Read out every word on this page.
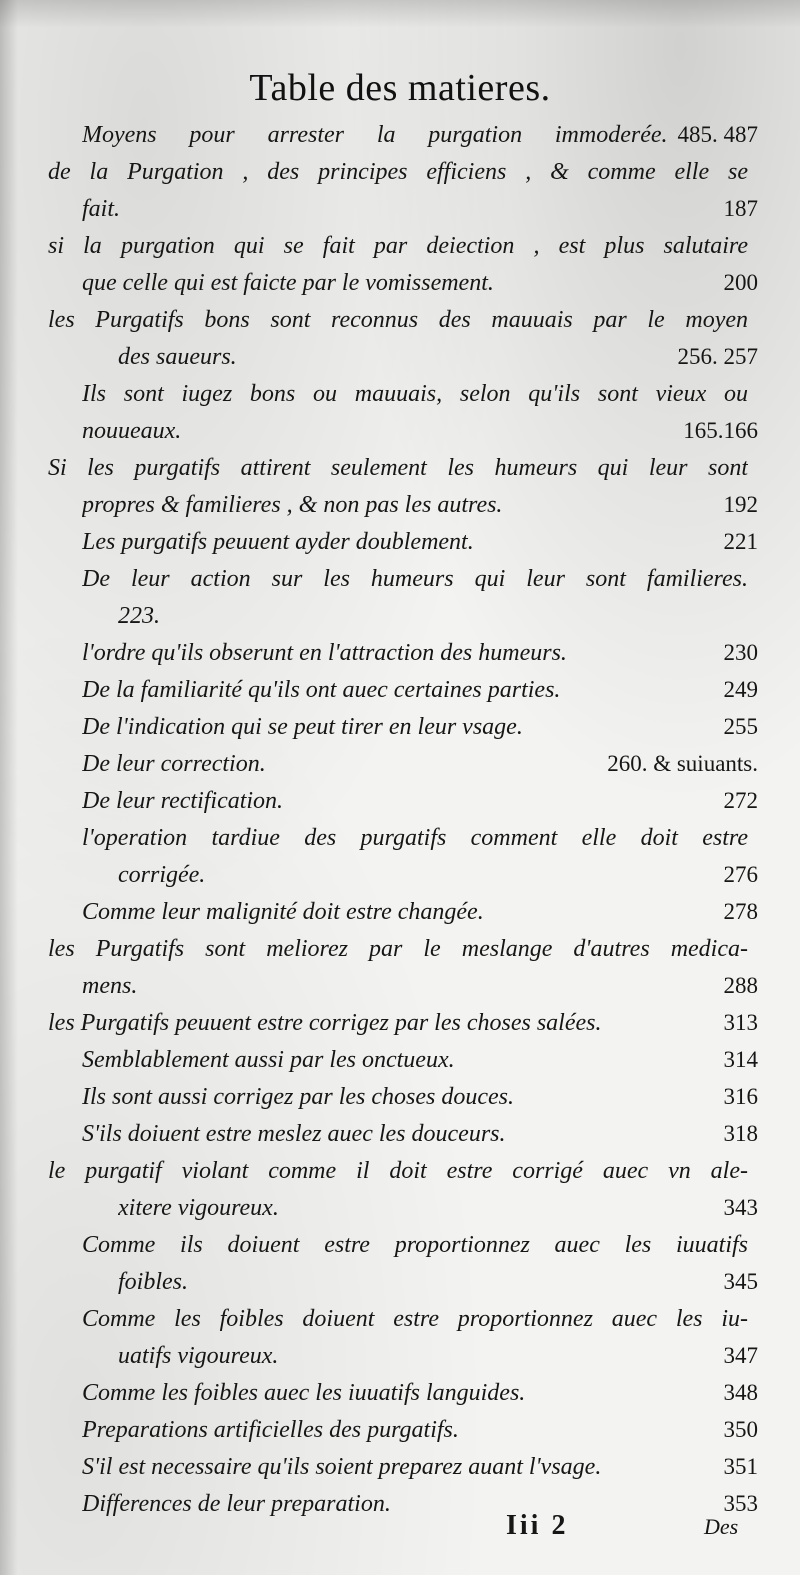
Table des matieres.
Moyens pour arrester la purgation immoderée. 485. 487
de la Purgation , des principes efficiens , & comme elle se
fait.	187
si la purgation qui se fait par deiection , est plus salutaire
que celle qui est faicte par le vomissement.	200
les Purgatifs bons sont reconnus des mauuais par le moyen
des saueurs.	256. 257
Ils sont iugez bons ou mauuais, selon qu'ils sont vieux ou
nouueaux.	165.166
Si les purgatifs attirent seulement les humeurs qui leur sont
propres & familieres , & non pas les autres.	192
Les purgatifs peuuent ayder doublement.	221
De leur action sur les humeurs qui leur sont familieres.
223.
l'ordre qu'ils obserunt en l'attraction des humeurs.	230
De la familiarité qu'ils ont auec certaines parties.	249
De l'indication qui se peut tirer en leur vsage.	255
De leur correction.	260. & suiuants.
De leur rectification.	272
l'operation tardiue des purgatifs comment elle doit estre
corrigée.	276
Comme leur malignité doit estre changée.	278
les Purgatifs sont meliorez par le meslange d'autres medica-
mens.	288
les Purgatifs peuuent estre corrigez par les choses salées.	313
Semblablement aussi par les onctueux.	314
Ils sont aussi corrigez par les choses douces.	316
S'ils doiuent estre meslez auec les douceurs.	318
le purgatif violant comme il doit estre corrigé auec vn ale-
xitere vigoureux.	343
Comme ils doiuent estre proportionnez auec les iuuatifs
foibles.	345
Comme les foibles doiuent estre proportionnez auec les iu-
uatifs vigoureux.	347
Comme les foibles auec les iuuatifs languides.	348
Preparations artificielles des purgatifs.	350
S'il est necessaire qu'ils soient preparez auant l'vsage.	351
Differences de leur preparation.	353
Iii 2	Des
